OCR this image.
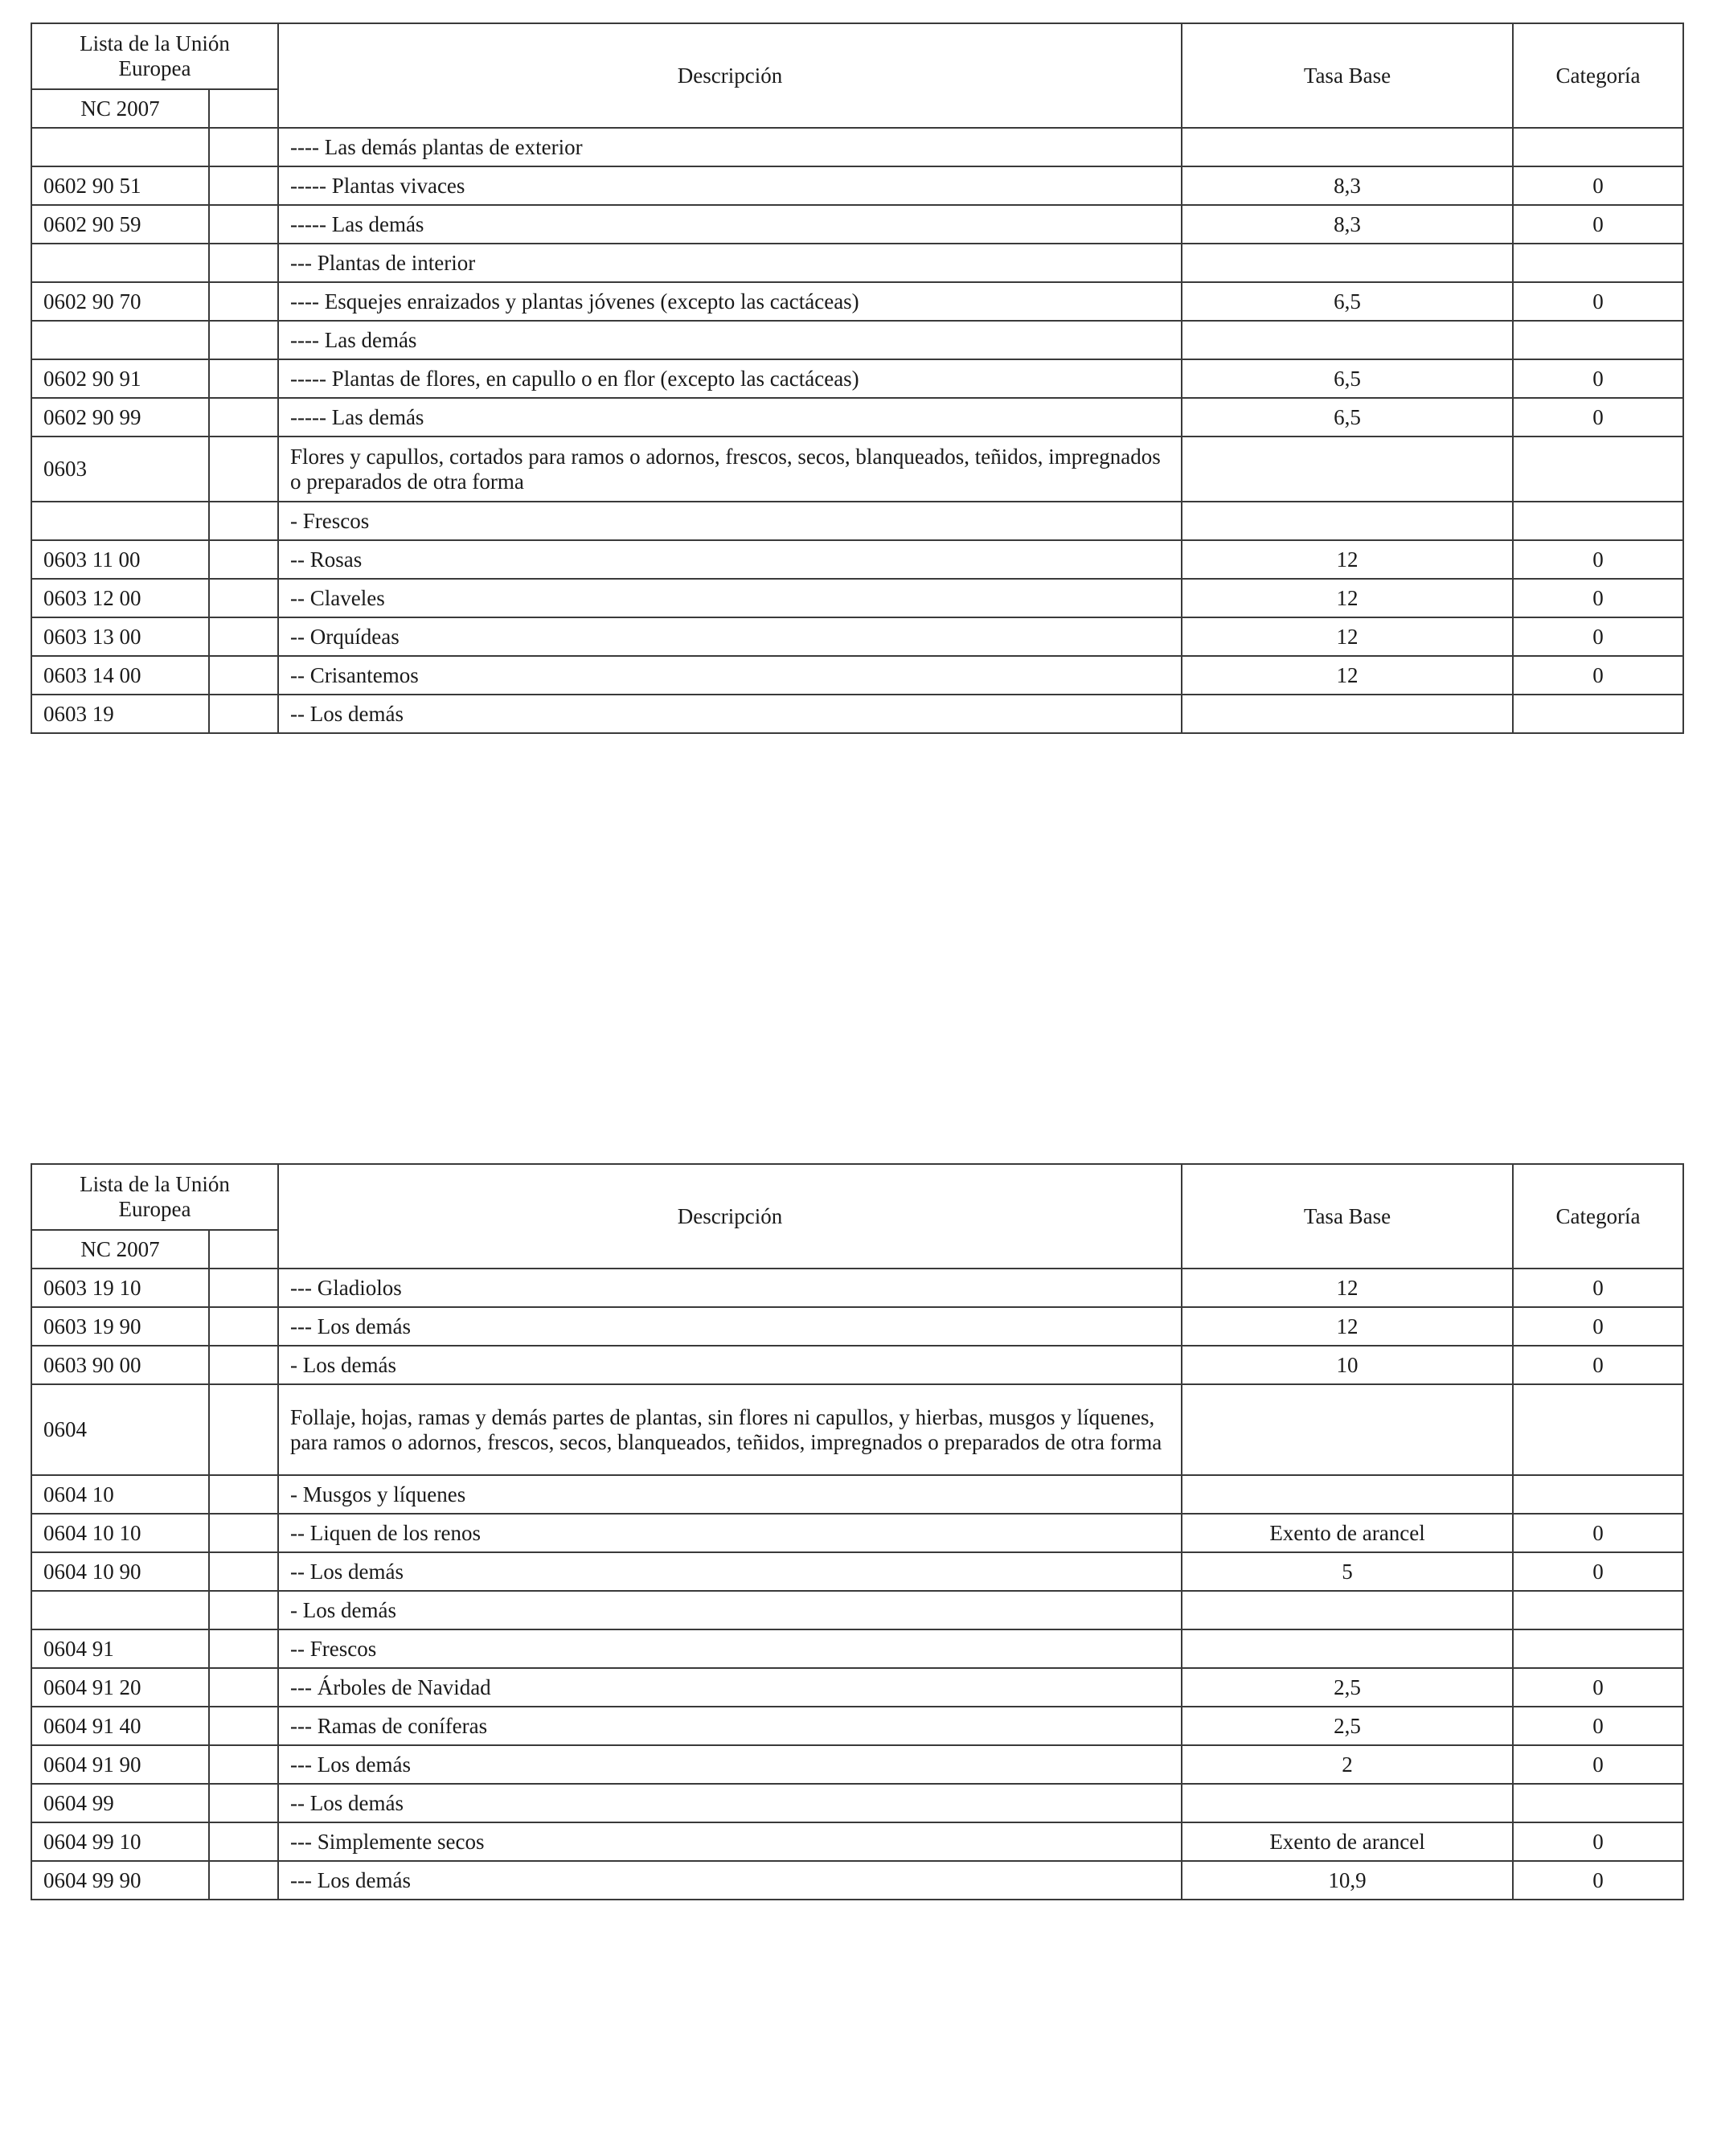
Lista de la Unión Europea		Descripción	Tasa Base	Categoría
NC 2007				
		---- Las demás plantas de exterior		
0602 90 51		----- Plantas vivaces	8,3	0
0602 90 59		----- Las demás	8,3	0
		--- Plantas de interior		
0602 90 70		---- Esquejes enraizados y plantas jóvenes (excepto las cactáceas)	6,5	0
		---- Las demás		
0602 90 91		----- Plantas de flores, en capullo o en flor (excepto las cactáceas)	6,5	0
0602 90 99		----- Las demás	6,5	0
0603		Flores y capullos, cortados para ramos o adornos, frescos, secos, blanqueados, teñidos, impregnados o preparados de otra forma		
		- Frescos		
0603 11 00		-- Rosas	12	0
0603 12 00		-- Claveles	12	0
0603 13 00		-- Orquídeas	12	0
0603 14 00		-- Crisantemos	12	0
0603 19		-- Los demás		
Lista de la Unión Europea		Descripción	Tasa Base	Categoría
NC 2007				
0603 19 10		--- Gladiolos	12	0
0603 19 90		--- Los demás	12	0
0603 90 00		- Los demás	10	0
0604		Follaje, hojas, ramas y demás partes de plantas, sin flores ni capullos, y hierbas, musgos y líquenes, para ramos o adornos, frescos, secos, blanqueados, teñidos, impregnados o preparados de otra forma		
0604 10		- Musgos y líquenes		
0604 10 10		-- Liquen de los renos	Exento de arancel	0
0604 10 90		-- Los demás	5	0
		- Los demás		
0604 91		-- Frescos		
0604 91 20		--- Árboles de Navidad	2,5	0
0604 91 40		--- Ramas de coníferas	2,5	0
0604 91 90		--- Los demás	2	0
0604 99		-- Los demás		
0604 99 10		--- Simplemente secos	Exento de arancel	0
0604 99 90		--- Los demás	10,9	0
